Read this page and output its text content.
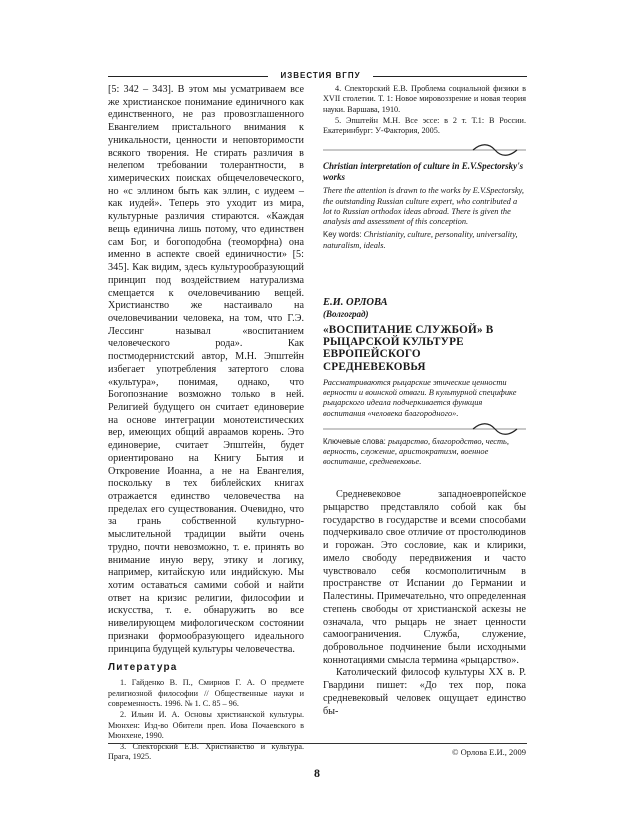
ИЗВЕСТИЯ ВГПУ

[5: 342 – 343]. В этом мы усматриваем все же христианское понимание единичного как единственного, не раз провозглашенного Евангелием пристального внимания к уникальности, ценности и неповторимости всякого творения. Не стирать различия в нелепом требовании толерантности, в химерических поисках общечеловеческого, но «с эллином быть как эллин, с иудеем – как иудей». Теперь это уходит из мира, культурные различия стираются. «Каждая вещь единична лишь потому, что единствен сам Бог, и богоподобна (теоморфна) она именно в аспекте своей единичности» [5: 345]. Как видим, здесь культурообразующий принцип под воздействием натурализма смещается к очеловечиванию вещей. Христианство же настаивало на очеловечивании человека, на том, что Г.Э. Лессинг называл «воспитанием человеческого рода». Как постмодернистский автор, М.Н. Эпштейн избегает употребления затертого слова «культура», понимая, однако, что Богопознание возможно только в ней. Религией будущего он считает единоверие на основе интеграции монотеистических вер, имеющих общий авраамов корень. Это единоверие, считает Эпштейн, будет ориентировано на Книгу Бытия и Откровение Иоанна, а не на Евангелия, поскольку в тех библейских книгах отражается единство человечества на пределах его существования. Очевидно, что за грань собственной культурно-мыслительной традиции выйти очень трудно, почти невозможно, т. е. принять во внимание иную веру, этику и логику, например, китайскую или индийскую. Мы хотим оставаться самими собой и найти ответ на кризис религии, философии и искусства, т. е. обнаружить во все нивелирующем мифологическом состоянии признаки формообразующего идеального принципа будущей культуры человечества.

Литература

1. Гайденко В. П., Смирнов Г. А. О предмете религиозной философии // Общественные науки и современность. 1996. № 1. С. 85 – 96.

2. Ильин И. А. Основы христианской культуры. Мюнхен: Изд-во Обители преп. Иова Почаевского в Мюнхене, 1990.

3. Спекторский Е.В. Христианство и культура. Прага, 1925.

4. Спекторский Е.В. Проблема социальной физики в XVII столетии. Т. 1: Новое мировоззрение и новая теория науки. Варшава, 1910.

5. Эпштейн М.Н. Все эссе: в 2 т. Т.1: В России. Екатеринбург: У-Фактория, 2005.

Christian interpretation of culture in E.V.Spectorsky's works

There the attention is drawn to the works by E.V.Spectorsky, the outstanding Russian culture expert, who contributed a lot to Russian orthodox ideas abroad. There is given the analysis and assessment of this conception.

Key words: Christianity, culture, personality, universality, naturalism, ideals.

Е.И. ОРЛОВА

(Волгоград)

«ВОСПИТАНИЕ СЛУЖБОЙ» В РЫЦАРСКОЙ КУЛЬТУРЕ ЕВРОПЕЙСКОГО СРЕДНЕВЕКОВЬЯ

Рассматриваются рыцарские этические ценности верности и воинской отваги. В культурной специфике рыцарского идеала подчеркивается функция воспитания «человека благородного».

Ключевые слова: рыцарство, благородство, честь, верность, служение, аристократизм, военное воспитание, средневековье.

Средневековое западноевропейское рыцарство представляло собой как бы государство в государстве и всеми способами подчеркивало свое отличие от простолюдинов и горожан. Это сословие, как и клирики, имело свободу передвижения и часто чувствовало себя космополитичным в пространстве от Испании до Германии и Палестины. Примечательно, что определенная степень свободы от христианской аскезы не означала, что рыцарь не знает ценности самоограничения. Служба, служение, добровольное подчинение были исходными коннотациями смысла термина «рыцарство».

Католический философ культуры XX в. Р. Гвардини пишет: «До тех пор, пока средневековый человек ощущает единство бы-

© Орлова Е.И., 2009
8
